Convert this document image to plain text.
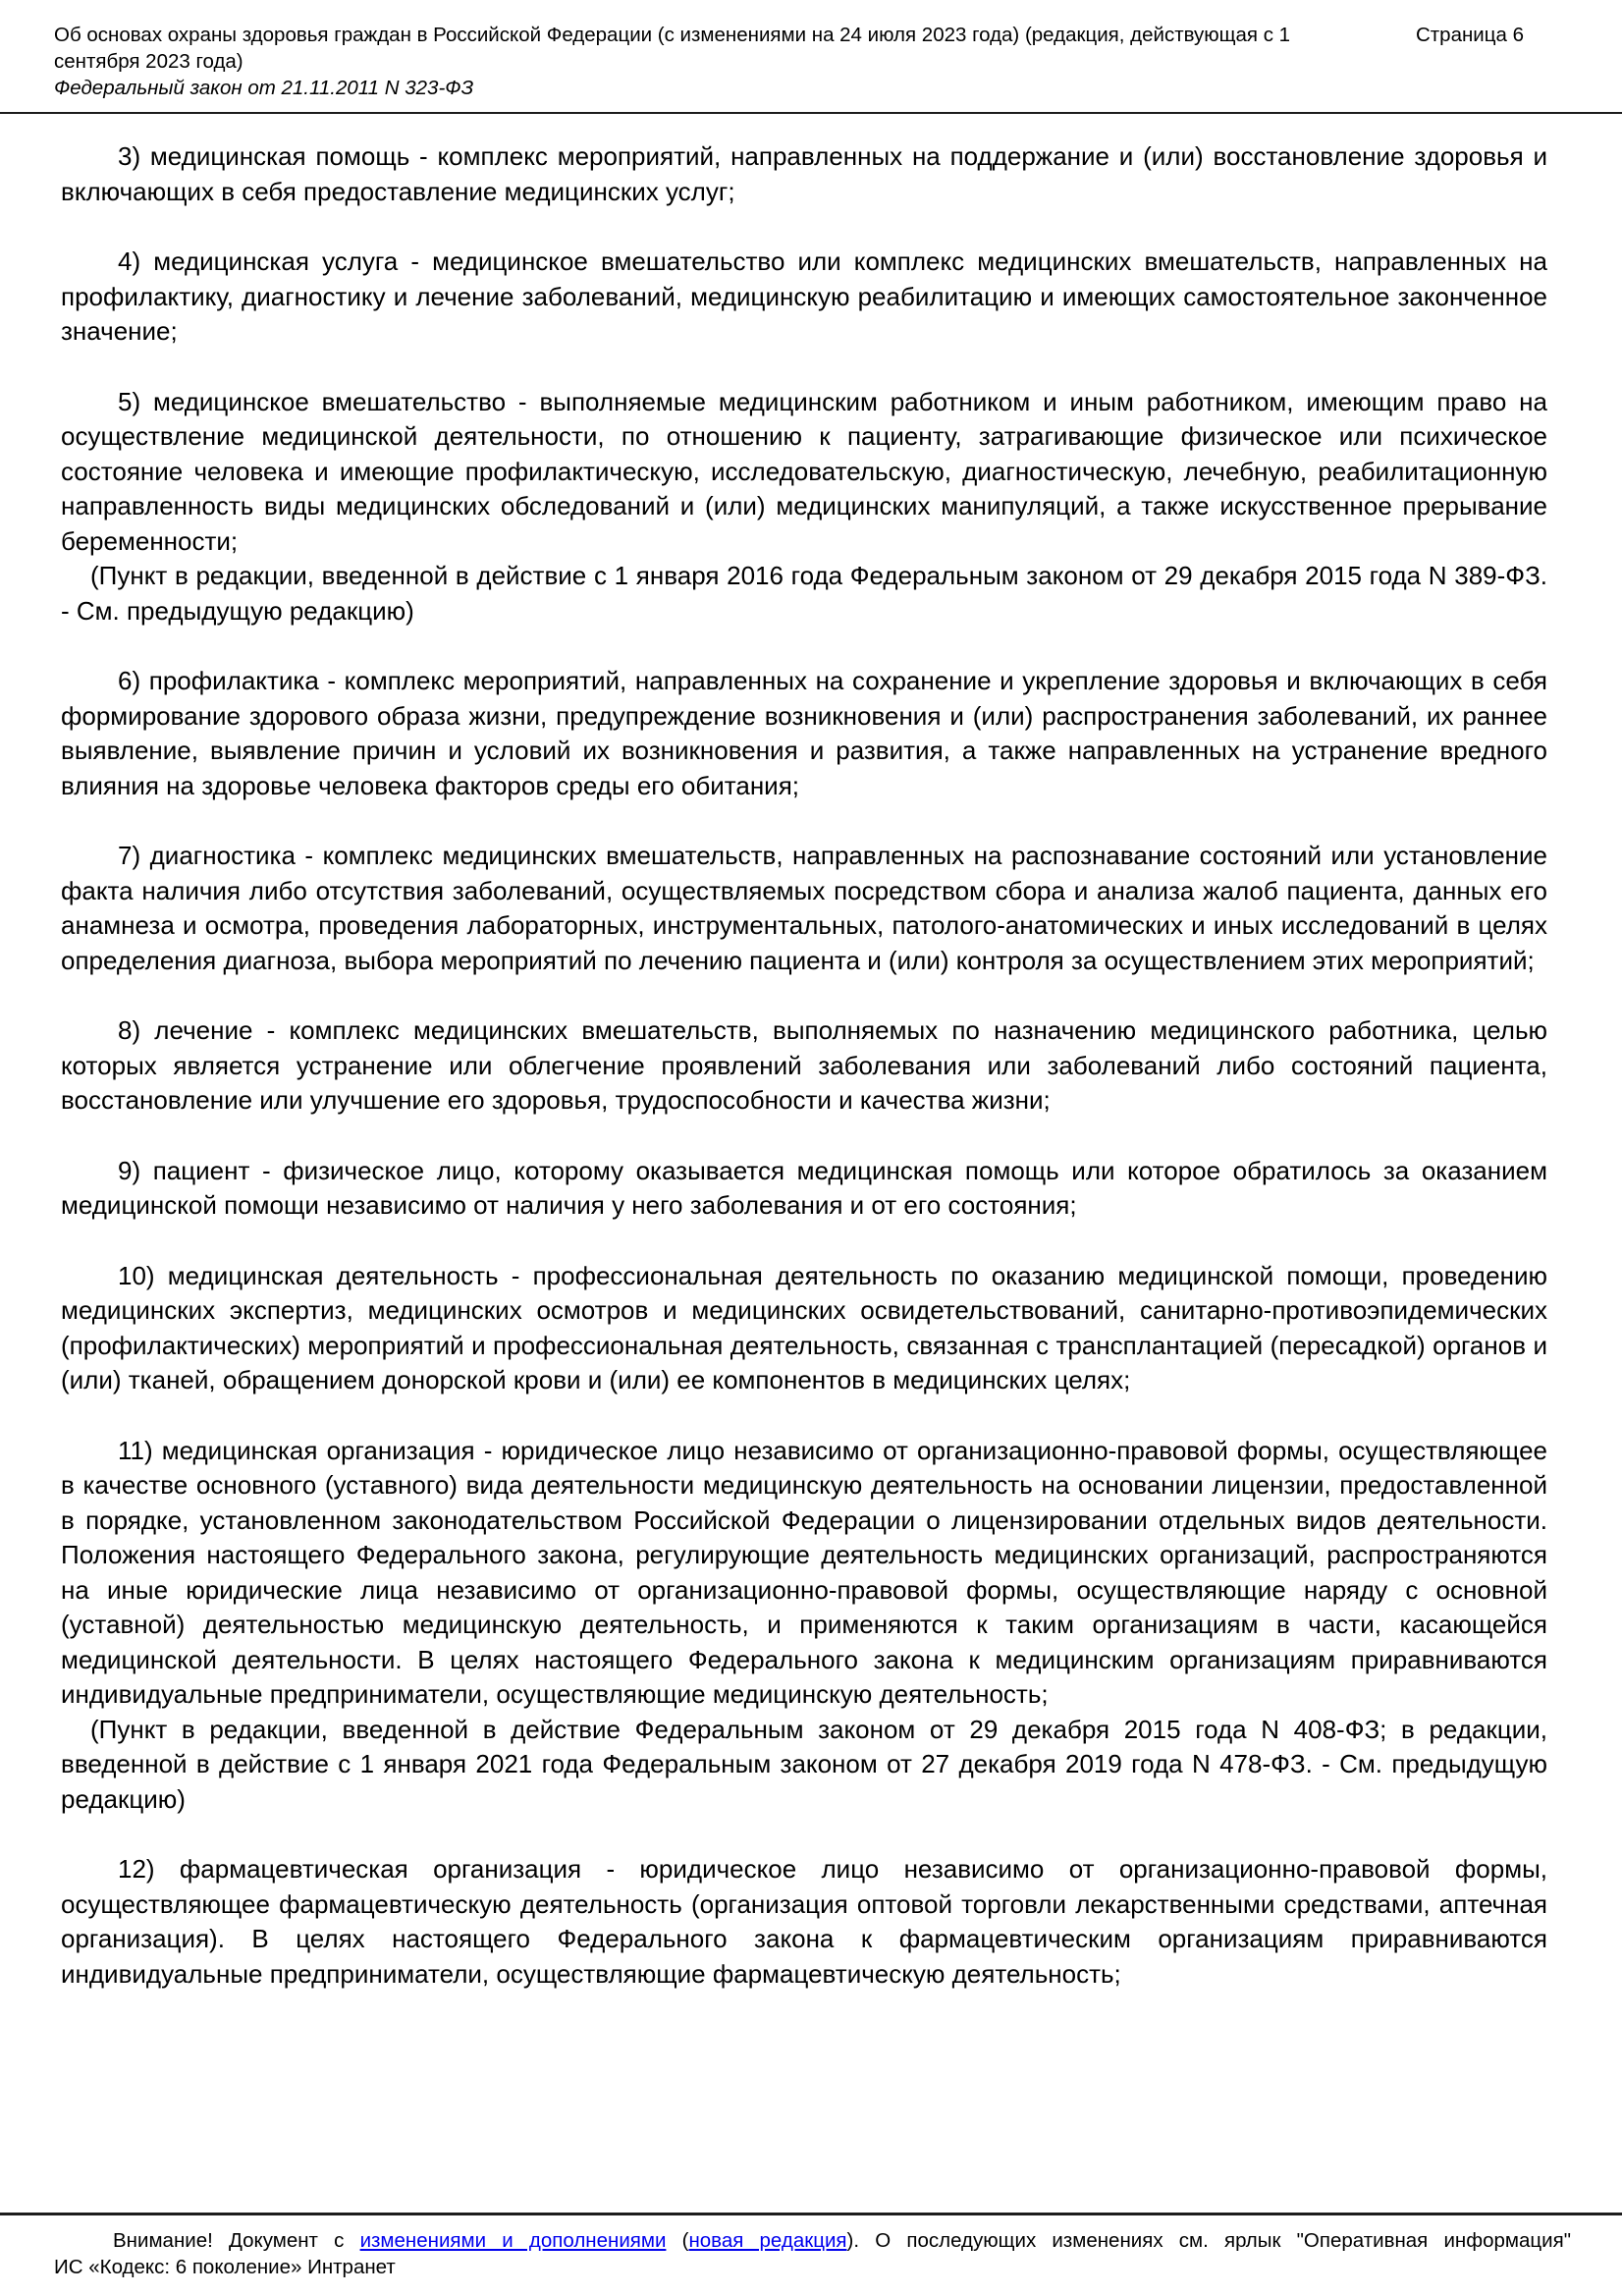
Об основах охраны здоровья граждан в Российской Федерации (с изменениями на 24 июля 2023 года) (редакция, действующая с 1 сентября 2023 года)

Федеральный закон от 21.11.2011 N 323-ФЗ

Страница 6

3) медицинская помощь - комплекс мероприятий, направленных на поддержание и (или) восстановление здоровья и включающих в себя предоставление медицинских услуг;

4) медицинская услуга - медицинское вмешательство или комплекс медицинских вмешательств, направленных на профилактику, диагностику и лечение заболеваний, медицинскую реабилитацию и имеющих самостоятельное законченное значение;

5) медицинское вмешательство - выполняемые медицинским работником и иным работником, имеющим право на осуществление медицинской деятельности, по отношению к пациенту, затрагивающие физическое или психическое состояние человека и имеющие профилактическую, исследовательскую, диагностическую, лечебную, реабилитационную направленность виды медицинских обследований и (или) медицинских манипуляций, а также искусственное прерывание беременности;

(Пункт в редакции, введенной в действие с 1 января 2016 года Федеральным законом от 29 декабря 2015 года N 389-ФЗ. - См. предыдущую редакцию)

6) профилактика - комплекс мероприятий, направленных на сохранение и укрепление здоровья и включающих в себя формирование здорового образа жизни, предупреждение возникновения и (или) распространения заболеваний, их раннее выявление, выявление причин и условий их возникновения и развития, а также направленных на устранение вредного влияния на здоровье человека факторов среды его обитания;

7) диагностика - комплекс медицинских вмешательств, направленных на распознавание состояний или установление факта наличия либо отсутствия заболеваний, осуществляемых посредством сбора и анализа жалоб пациента, данных его анамнеза и осмотра, проведения лабораторных, инструментальных, патолого-анатомических и иных исследований в целях определения диагноза, выбора мероприятий по лечению пациента и (или) контроля за осуществлением этих мероприятий;

8) лечение - комплекс медицинских вмешательств, выполняемых по назначению медицинского работника, целью которых является устранение или облегчение проявлений заболевания или заболеваний либо состояний пациента, восстановление или улучшение его здоровья, трудоспособности и качества жизни;

9) пациент - физическое лицо, которому оказывается медицинская помощь или которое обратилось за оказанием медицинской помощи независимо от наличия у него заболевания и от его состояния;

10) медицинская деятельность - профессиональная деятельность по оказанию медицинской помощи, проведению медицинских экспертиз, медицинских осмотров и медицинских освидетельствований, санитарно-противоэпидемических (профилактических) мероприятий и профессиональная деятельность, связанная с трансплантацией (пересадкой) органов и (или) тканей, обращением донорской крови и (или) ее компонентов в медицинских целях;

11) медицинская организация - юридическое лицо независимо от организационно-правовой формы, осуществляющее в качестве основного (уставного) вида деятельности медицинскую деятельность на основании лицензии, предоставленной в порядке, установленном законодательством Российской Федерации о лицензировании отдельных видов деятельности. Положения настоящего Федерального закона, регулирующие деятельность медицинских организаций, распространяются на иные юридические лица независимо от организационно-правовой формы, осуществляющие наряду с основной (уставной) деятельностью медицинскую деятельность, и применяются к таким организациям в части, касающейся медицинской деятельности. В целях настоящего Федерального закона к медицинским организациям приравниваются индивидуальные предприниматели, осуществляющие медицинскую деятельность;

(Пункт в редакции, введенной в действие Федеральным законом от 29 декабря 2015 года N 408-ФЗ; в редакции, введенной в действие с 1 января 2021 года Федеральным законом от 27 декабря 2019 года N 478-ФЗ. - См. предыдущую редакцию)

12) фармацевтическая организация - юридическое лицо независимо от организационно-правовой формы, осуществляющее фармацевтическую деятельность (организация оптовой торговли лекарственными средствами, аптечная организация). В целях настоящего Федерального закона к фармацевтическим организациям приравниваются индивидуальные предприниматели, осуществляющие фармацевтическую деятельность;

Внимание! Документ с изменениями и дополнениями (новая редакция). О последующих изменениях см. ярлык "Оперативная информация"

ИС «Кодекс: 6 поколение» Интранет
